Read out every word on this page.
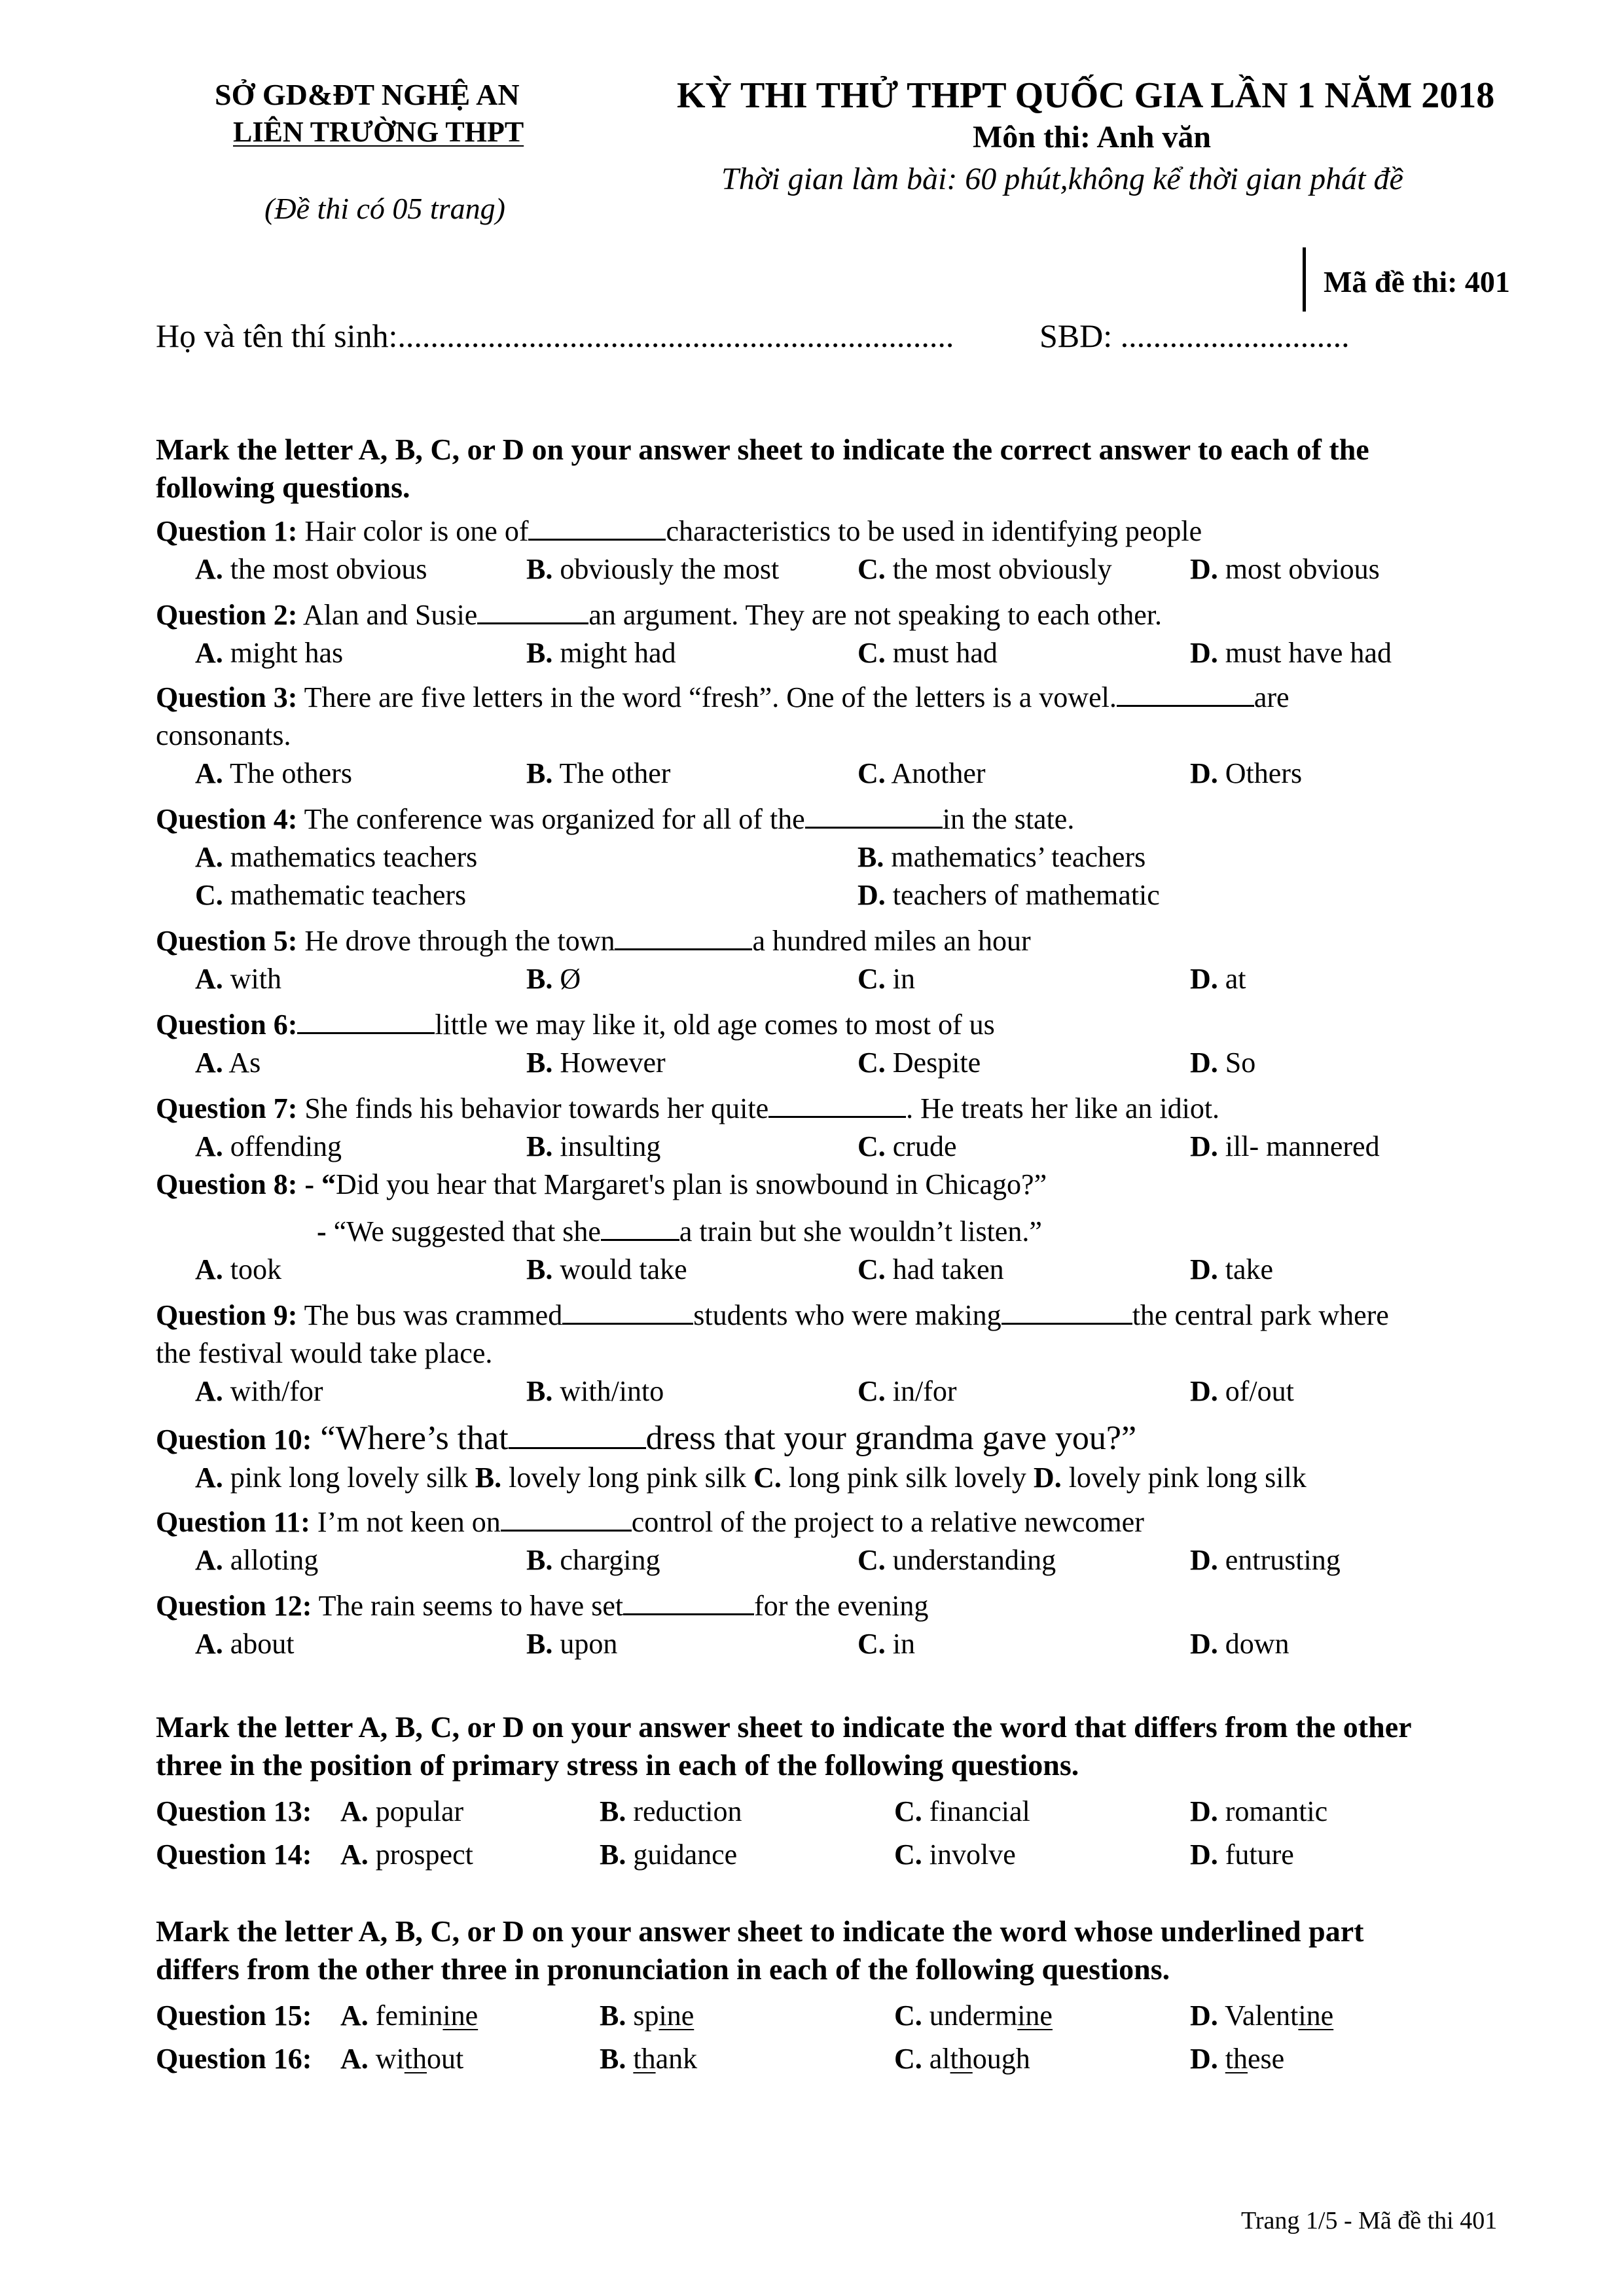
SỞ GD&ĐT NGHỆ AN
LIÊN TRƯỜNG THPT
(Đề thi có 05 trang)
KỲ THI THỬ THPT QUỐC GIA LẦN 1 NĂM 2018
Môn thi: Anh văn
Thời gian làm bài: 60 phút,không kể thời gian phát đề
Mã đề thi: 401
Họ và tên thí sinh:....................................................................	SBD: ............................
Mark the letter A, B, C, or D on your answer sheet to indicate the correct answer to each of the
following questions.
Question 1: Hair color is one of	characteristics to be used in identifying people
A. the most obvious	B. obviously the most	C. the most obviously	D. most obvious
Question 2: Alan and Susie	an argument. They are not speaking to each other.
A. might has	B. might had	C. must had	D. must have had
Question 3: There are five letters in the word “fresh”. One of the letters is a vowel.	are
consonants.
A. The others	B. The other	C. Another	D. Others
Question 4: The conference was organized for all of the	in the state.
A. mathematics teachers	B. mathematics’ teachers
C. mathematic teachers	D. teachers of mathematic
Question 5: He drove through the town	a hundred miles an hour
A. with	B. Ø	C. in	D. at
Question 6:	little we may like it, old age comes to most of us
A. As	B. However	C. Despite	D. So
Question 7: She finds his behavior towards her quite	. He treats her like an idiot.
A. offending	B. insulting	C. crude	D. ill- mannered
Question 8: - “Did you hear that Margaret's plan is snowbound in Chicago?”
- “We suggested that she	a train but she wouldn’t listen.”
A. took	B. would take	C. had taken	D. take
Question 9: The bus was crammed	students who were making	the central park where
the festival would take place.
A. with/for	B. with/into	C. in/for	D. of/out
Question 10: “Where’s that	dress that your grandma gave you?”
A. pink long lovely silk B. lovely long pink silk C. long pink silk lovely D. lovely pink long silk
Question 11: I’m not keen on	control of the project to a relative newcomer
A. alloting	B. charging	C. understanding	D. entrusting
Question 12: The rain seems to have set	for the evening
A. about	B. upon	C. in	D. down
Mark the letter A, B, C, or D on your answer sheet to indicate the word that differs from the other
three in the position of primary stress in each of the following questions.
Question 13: A. popular	B. reduction	C. financial	D. romantic
Question 14: A. prospect	B. guidance	C. involve	D. future
Mark the letter A, B, C, or D on your answer sheet to indicate the word whose underlined part
differs from the other three in pronunciation in each of the following questions.
Question 15: A. feminine	B. spine	C. undermine	D. Valentine
Question 16: A. without	B. thank	C. although	D. these
Trang 1/5 - Mã đề thi 401
